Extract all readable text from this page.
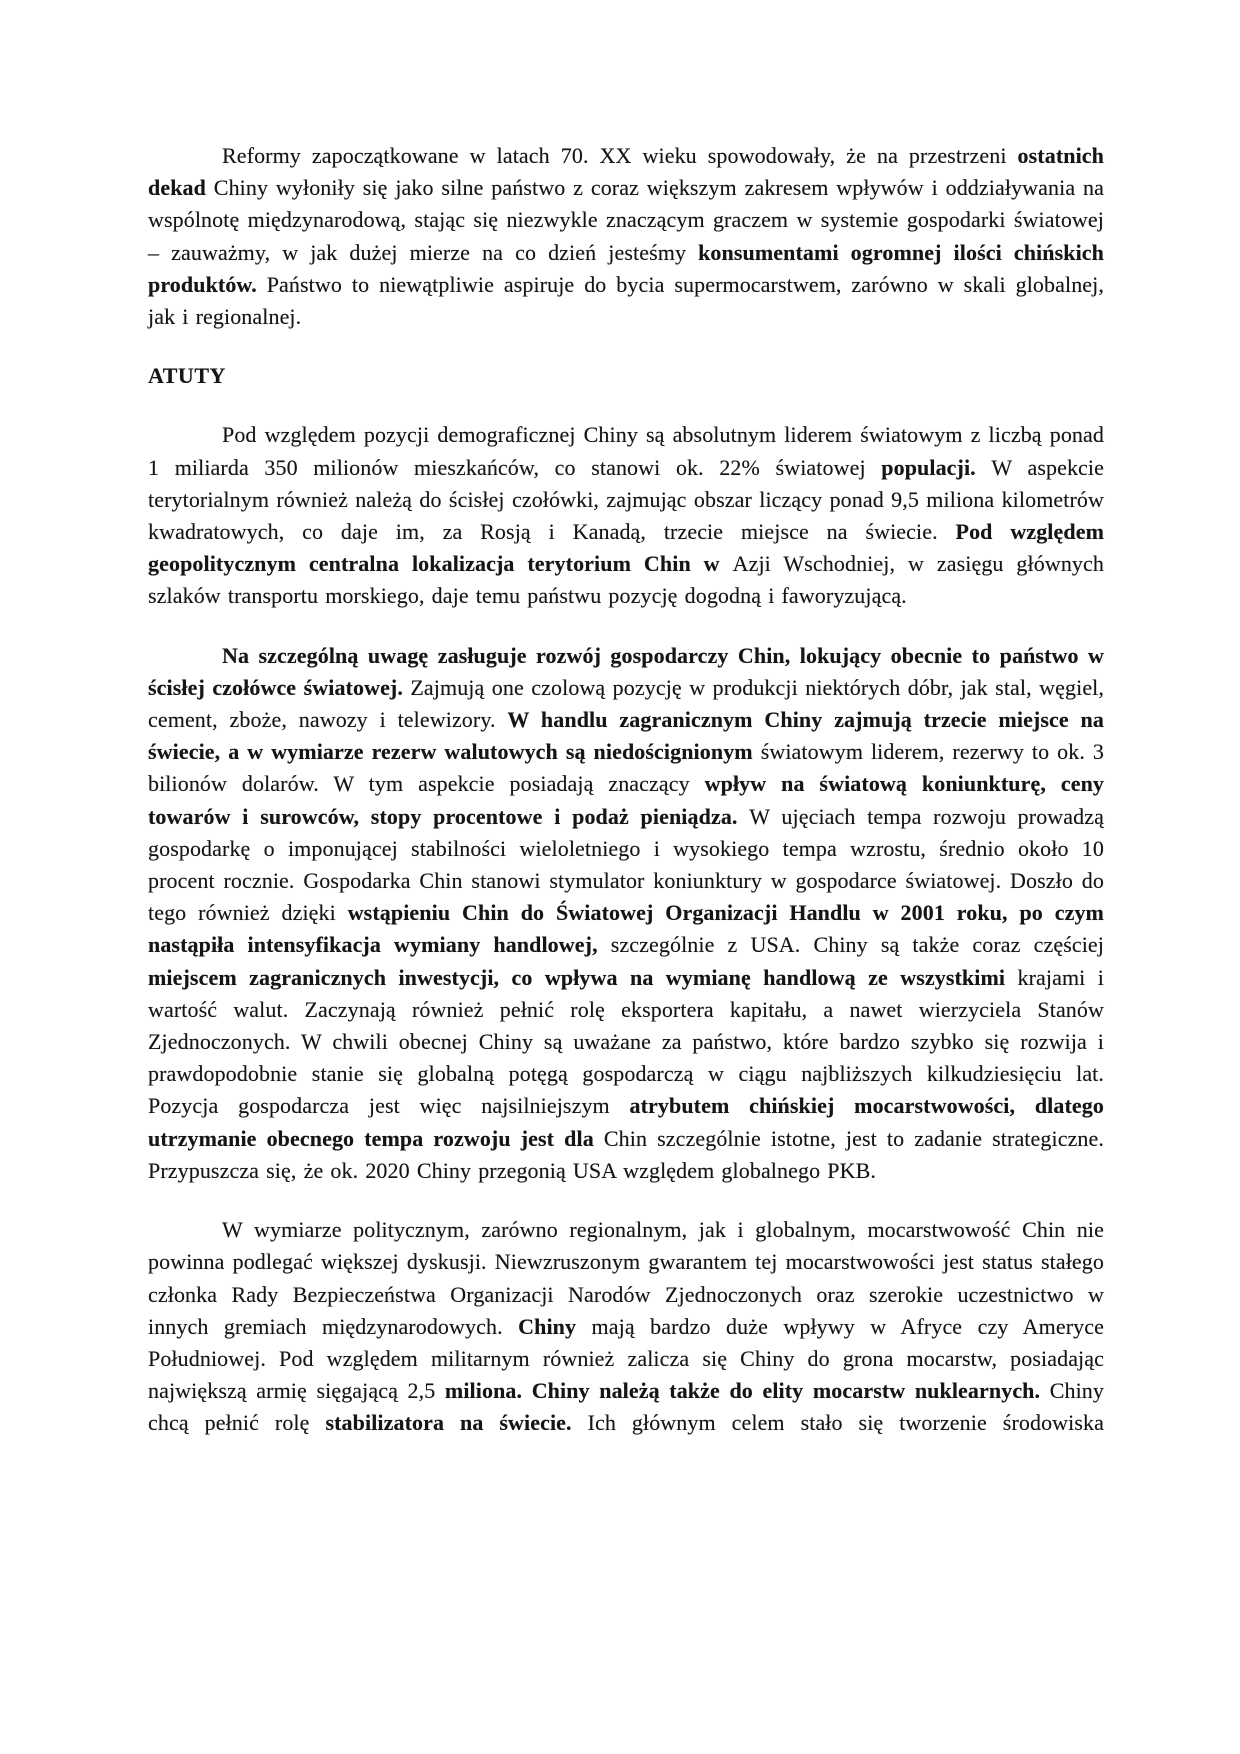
Reformy zapoczątkowane w latach 70. XX wieku spowodowały, że na przestrzeni ostatnich dekad Chiny wyłoniły się jako silne państwo z coraz większym zakresem wpływów i oddziaływania na wspólnotę międzynarodową, stając się niezwykle znaczącym graczem w systemie gospodarki światowej – zauważmy, w jak dużej mierze na co dzień jesteśmy konsumentami ogromnej ilości chińskich produktów. Państwo to niewątpliwie aspiruje do bycia supermocarstwem, zarówno w skali globalnej, jak i regionalnej.

ATUTY

Pod względem pozycji demograficznej Chiny są absolutnym liderem światowym z liczbą ponad 1 miliarda 350 milionów mieszkańców, co stanowi ok. 22% światowej populacji. W aspekcie terytorialnym również należą do ścisłej czołówki, zajmując obszar liczący ponad 9,5 miliona kilometrów kwadratowych, co daje im, za Rosją i Kanadą, trzecie miejsce na świecie. Pod względem geopolitycznym centralna lokalizacja terytorium Chin w Azji Wschodniej, w zasięgu głównych szlaków transportu morskiego, daje temu państwu pozycję dogodną i faworyzującą.

Na szczególną uwagę zasługuje rozwój gospodarczy Chin, lokujący obecnie to państwo w ścisłej czołówce światowej. Zajmują one czolową pozycję w produkcji niektórych dóbr, jak stal, węgiel, cement, zboże, nawozy i telewizory. W handlu zagranicznym Chiny zajmują trzecie miejsce na świecie, a w wymiarze rezerw walutowych są niedoścignionym światowym liderem, rezerwy to ok. 3 bilionów dolarów. W tym aspekcie posiadają znaczący wpływ na światową koniunkturę, ceny towarów i surowców, stopy procentowe i podaż pieniądza. W ujęciach tempa rozwoju prowadzą gospodarkę o imponującej stabilności wieloletniego i wysokiego tempa wzrostu, średnio około 10 procent rocznie. Gospodarka Chin stanowi stymulator koniunktury w gospodarce światowej. Doszło do tego również dzięki wstąpieniu Chin do Światowej Organizacji Handlu w 2001 roku, po czym nastąpiła intensyfikacja wymiany handlowej, szczególnie z USA. Chiny są także coraz częściej miejscem zagranicznych inwestycji, co wpływa na wymianę handlową ze wszystkimi krajami i wartość walut. Zaczynają również pełnić rolę eksportera kapitału, a nawet wierzyciela Stanów Zjednoczonych. W chwili obecnej Chiny są uważane za państwo, które bardzo szybko się rozwija i prawdopodobnie stanie się globalną potęgą gospodarczą w ciągu najbliższych kilkudziesięciu lat. Pozycja gospodarcza jest więc najsilniejszym atrybutem chińskiej mocarstwowości, dlatego utrzymanie obecnego tempa rozwoju jest dla Chin szczególnie istotne, jest to zadanie strategiczne. Przypuszcza się, że ok. 2020 Chiny przegonią USA względem globalnego PKB.

W wymiarze politycznym, zarówno regionalnym, jak i globalnym, mocarstwowość Chin nie powinna podlegać większej dyskusji. Niewzruszonym gwarantem tej mocarstwowości jest status stałego członka Rady Bezpieczeństwa Organizacji Narodów Zjednoczonych oraz szerokie uczestnictwo w innych gremiach międzynarodowych. Chiny mają bardzo duże wpływy w Afryce czy Ameryce Południowej. Pod względem militarnym również zalicza się Chiny do grona mocarstw, posiadając największą armię sięgającą 2,5 miliona. Chiny należą także do elity mocarstw nuklearnych. Chiny chcą pełnić rolę stabilizatora na świecie. Ich głównym celem stało się tworzenie środowiska
